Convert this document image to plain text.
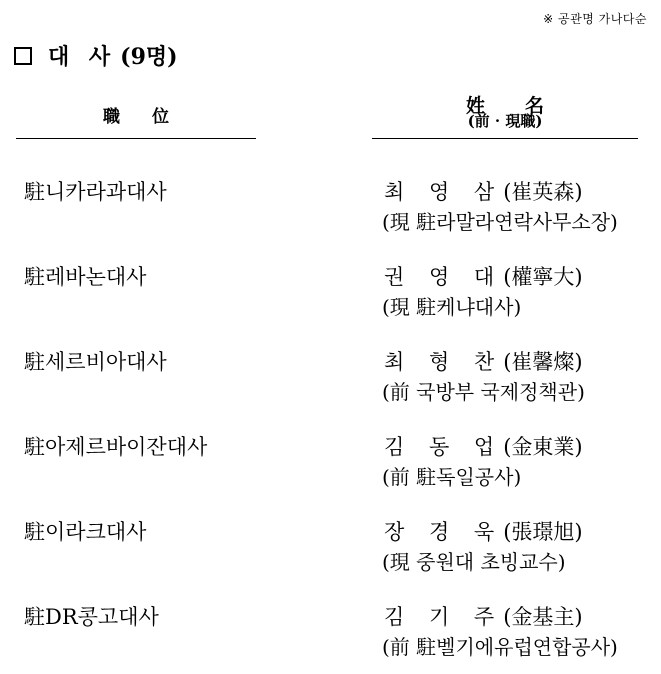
※ 공관명 가나다순
대 사 (9명)
職位	姓名
(前 · 現職)
駐니카라과대사	최 영 삼(崔英森)
(現 駐라말라연락사무소장)
駐레바논대사	권 영 대(權寧大)
(現 駐케냐대사)
駐세르비아대사	최 형 찬(崔馨燦)
(前 국방부 국제정책관)
駐아제르바이잔대사	김 동 업(金東業)
(前 駐독일공사)
駐이라크대사	장 경 욱(張璟旭)
(現 중원대 초빙교수)
駐DR콩고대사	김 기 주(金基主)
(前 駐벨기에유럽연합공사)
